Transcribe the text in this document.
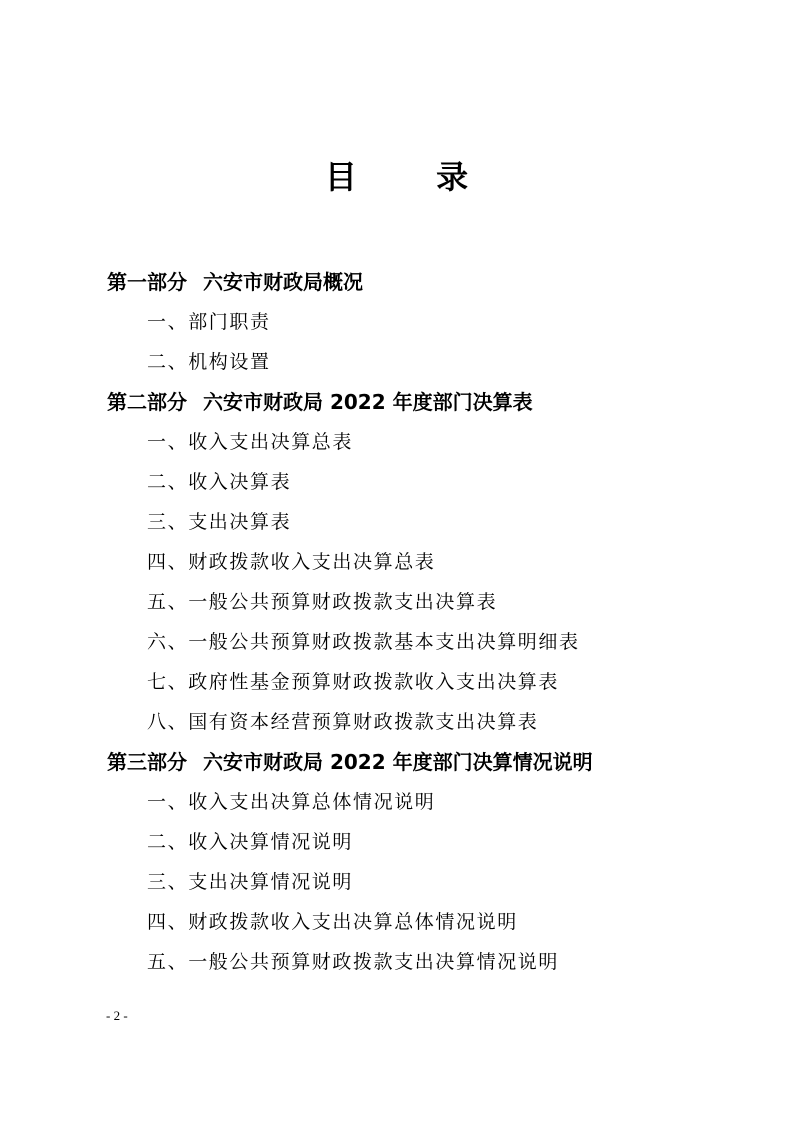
目 录
第一部分 六安市财政局概况
一、部门职责
二、机构设置
第二部分 六安市财政局 2022 年度部门决算表
一、收入支出决算总表
二、收入决算表
三、支出决算表
四、财政拨款收入支出决算总表
五、一般公共预算财政拨款支出决算表
六、一般公共预算财政拨款基本支出决算明细表
七、政府性基金预算财政拨款收入支出决算表
八、国有资本经营预算财政拨款支出决算表
第三部分 六安市财政局 2022 年度部门决算情况说明
一、收入支出决算总体情况说明
二、收入决算情况说明
三、支出决算情况说明
四、财政拨款收入支出决算总体情况说明
五、一般公共预算财政拨款支出决算情况说明
- 2 -
